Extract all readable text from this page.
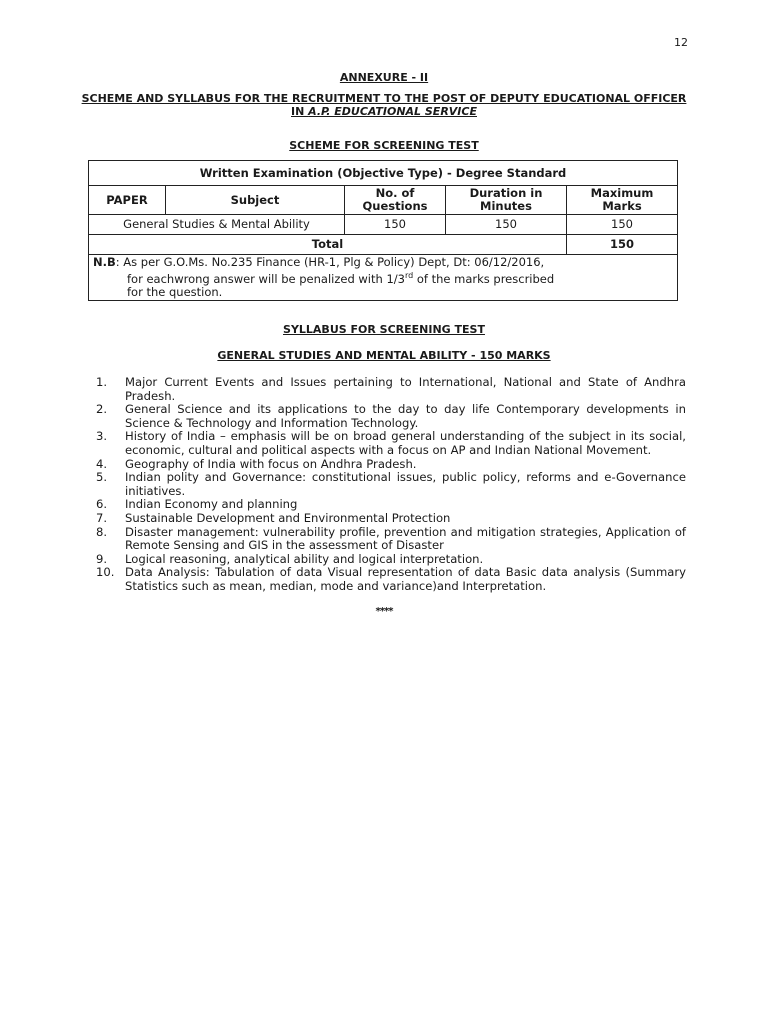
12
ANNEXURE - II
SCHEME AND SYLLABUS FOR THE RECRUITMENT TO THE POST OF DEPUTY EDUCATIONAL OFFICER
IN A.P. EDUCATIONAL SERVICE
SCHEME FOR SCREENING TEST
Written Examination (Objective Type) - Degree Standard				
PAPER	Subject	No. of Questions	Duration in Minutes	Maximum Marks
General Studies & Mental Ability		150	150	150
Total				150

N.B: As per G.O.Ms. No.235 Finance (HR-1, Plg & Policy) Dept, Dt: 06/12/2016,
for eachwrong answer will be penalized with 1/3rd of the marks prescribed
for the question.				
SYLLABUS FOR SCREENING TEST
GENERAL STUDIES AND MENTAL ABILITY - 150 MARKS
1.	Major Current Events and Issues pertaining to International, National and State of Andhra Pradesh.
2.	General Science and its applications to the day to day life Contemporary developments in Science & Technology and Information Technology.
3.	History of India – emphasis will be on broad general understanding of the subject in its social, economic, cultural and political aspects with a focus on AP and Indian National Movement.
4.	Geography of India with focus on Andhra Pradesh.
5.	Indian polity and Governance: constitutional issues, public policy, reforms and e-Governance initiatives.
6.	Indian Economy and planning
7.	Sustainable Development and Environmental Protection
8.	Disaster management: vulnerability profile, prevention and mitigation strategies, Application of Remote Sensing and GIS in the assessment of Disaster
9.	Logical reasoning, analytical ability and logical interpretation.
10. Data Analysis: Tabulation of data Visual representation of data Basic data analysis (Summary Statistics such as mean, median, mode and variance)and Interpretation.
****
